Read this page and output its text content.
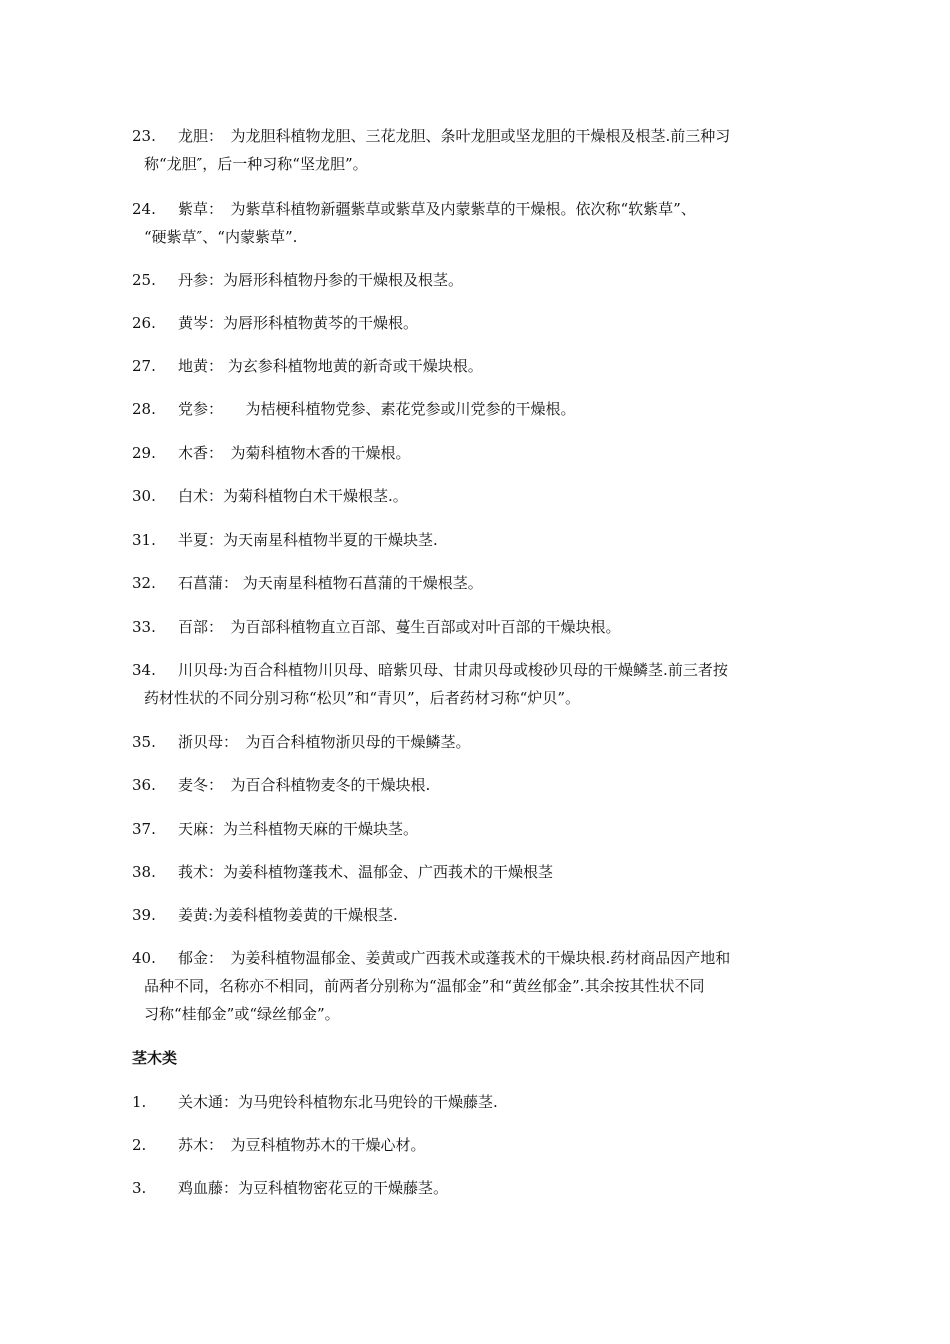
23. 龙胆：　为龙胆科植物龙胆、三花龙胆、条叶龙胆或坚龙胆的干燥根及根茎.前三种习
称“龙胆″，后一种习称“坚龙胆”。

24. 紫草：　为紫草科植物新疆紫草或紫草及内蒙紫草的干燥根。依次称“软紫草”、
“硬紫草″、“内蒙紫草”.

25. 丹参：为唇形科植物丹参的干燥根及根茎。

26. 黄岑：为唇形科植物黄芩的干燥根。

27. 地黄： 为玄参科植物地黄的新奇或干燥块根。

28. 党参：　　为桔梗科植物党参、素花党参或川党参的干燥根。

29. 木香：　为菊科植物木香的干燥根。

30. 白术：为菊科植物白术干燥根茎.。

31. 半夏：为天南星科植物半夏的干燥块茎.

32. 石菖蒲： 为天南星科植物石菖蒲的干燥根茎。

33. 百部：　为百部科植物直立百部、蔓生百部或对叶百部的干燥块根。

34. 川贝母:为百合科植物川贝母、暗紫贝母、甘肃贝母或梭砂贝母的干燥鳞茎.前三者按
药材性状的不同分别习称“松贝”和“青贝”，后者药材习称“炉贝”。

35. 浙贝母：　为百合科植物浙贝母的干燥鳞茎。

36. 麦冬：　为百合科植物麦冬的干燥块根.

37. 天麻：为兰科植物天麻的干燥块茎。

38. 莪术：为姜科植物蓬莪术、温郁金、广西莪术的干燥根茎

39. 姜黄:为姜科植物姜黄的干燥根茎.

40. 郁金：　为姜科植物温郁金、姜黄或广西莪术或蓬莪术的干燥块根.药材商品因产地和
品种不同，名称亦不相同，前两者分别称为“温郁金”和“黄丝郁金”.其余按其性状不同
习称“桂郁金”或“绿丝郁金”。

茎木类

1. 关木通：为马兜铃科植物东北马兜铃的干燥藤茎.

2. 苏木：　为豆科植物苏木的干燥心材。

3. 鸡血藤：为豆科植物密花豆的干燥藤茎。
